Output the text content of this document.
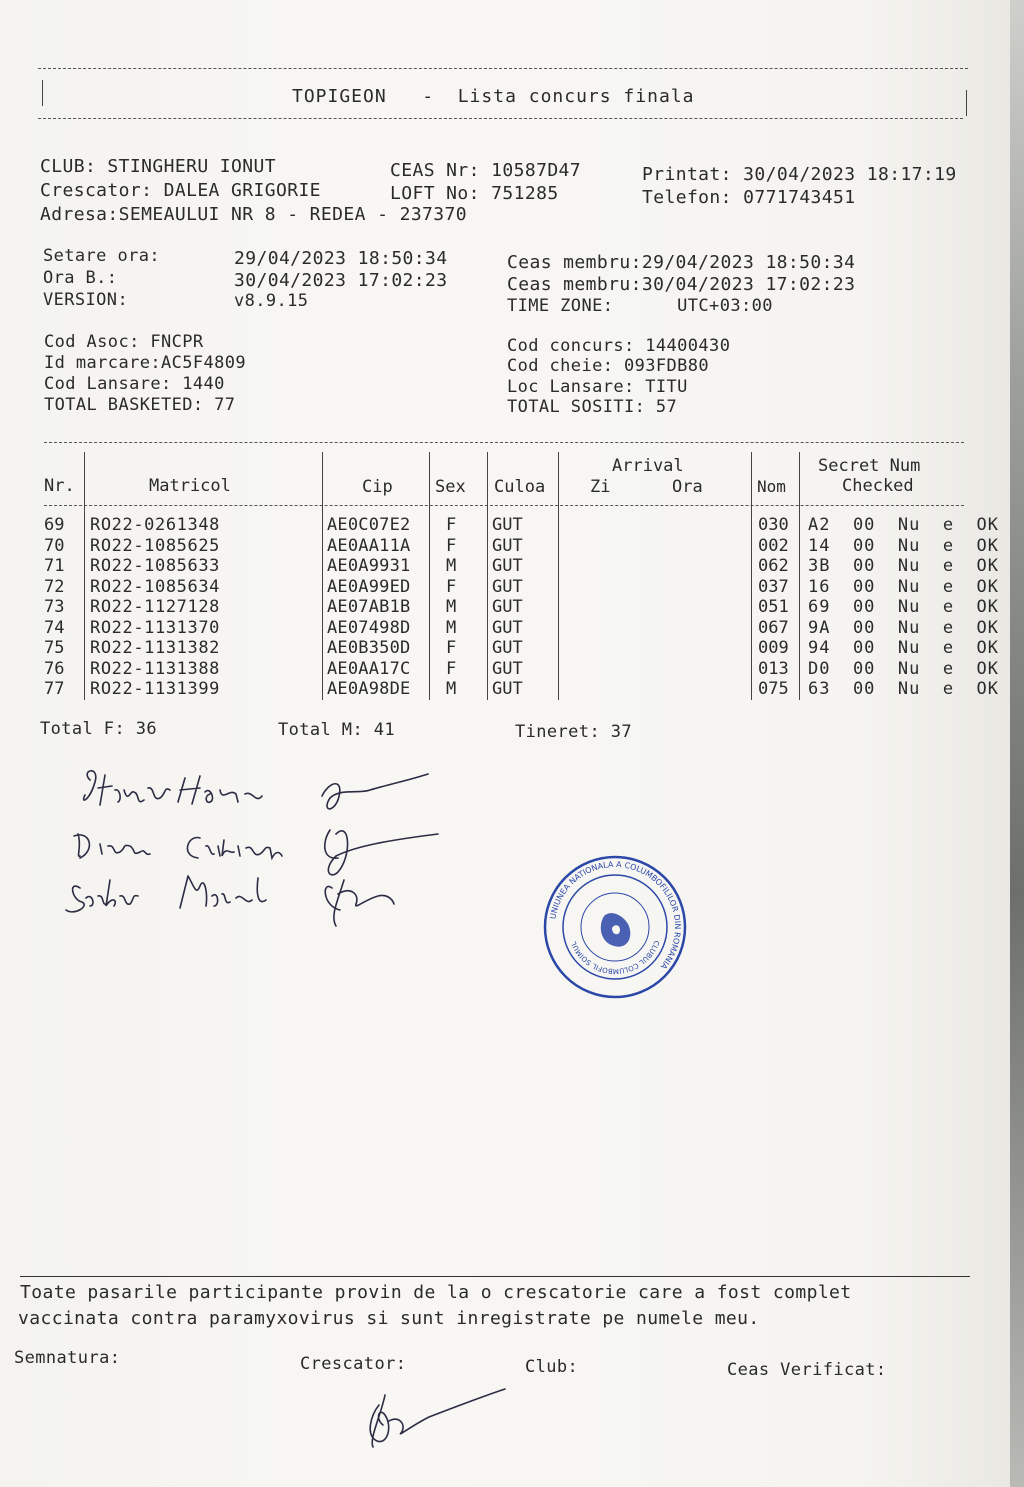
TOPIGEON   -  Lista concurs finala
CLUB: STINGHERU IONUT
Crescator: DALEA GRIGORIE
Adresa:SEMEAULUI NR 8 - REDEA - 237370
CEAS Nr: 10587D47
LOFT No: 751285
Printat: 30/04/2023 18:17:19
Telefon: 0771743451
Setare ora:	29/04/2023 18:50:34
Ora B.:	30/04/2023 17:02:23
VERSION:	v8.9.15
Ceas membru:29/04/2023 18:50:34
Ceas membru:30/04/2023 17:02:23
TIME ZONE:      UTC+03:00
Cod Asoc: FNCPR
Id marcare:AC5F4809
Cod Lansare: 1440
TOTAL BASKETED: 77
Cod concurs: 14400430
Cod cheie: 093FDB80
Loc Lansare: TITU
TOTAL SOSITI: 57
Nr.	Matricol	Cip Sex Culoa
Arrival
Zi	Ora	Nom
Secret Num
Checked
69 RO22-0261348	AE0C07E2 F GUT	030 A2  00  Nu  e  OK
70 RO22-1085625	AE0AA11A F GUT	002 14  00  Nu  e  OK
71 RO22-1085633	AE0A9931 M GUT	062 3B  00  Nu  e  OK
72 RO22-1085634	AE0A99ED F GUT	037 16  00  Nu  e  OK
73 RO22-1127128	AE07AB1B M GUT	051 69  00  Nu  e  OK
74 RO22-1131370	AE07498D M GUT	067 9A  00  Nu  e  OK
75 RO22-1131382	AE0B350D F GUT	009 94  00  Nu  e  OK
76 RO22-1131388	AE0AA17C F GUT	013 D0  00  Nu  e  OK
77 RO22-1131399	AE0A98DE M GUT	075 63  00  Nu  e  OK
Total F: 36	Total M: 41	Tineret: 37
UNIUNEA NATIONALA A COLUMBOFILILOR DIN ROMANIA
CLUBUL COLUMBOFIL SOIMUL
Toate pasarile participante provin de la o crescatorie care a fost complet
vaccinata contra paramyxovirus si sunt inregistrate pe numele meu.
Semnatura:	Crescator:	Club:	Ceas Verificat:
